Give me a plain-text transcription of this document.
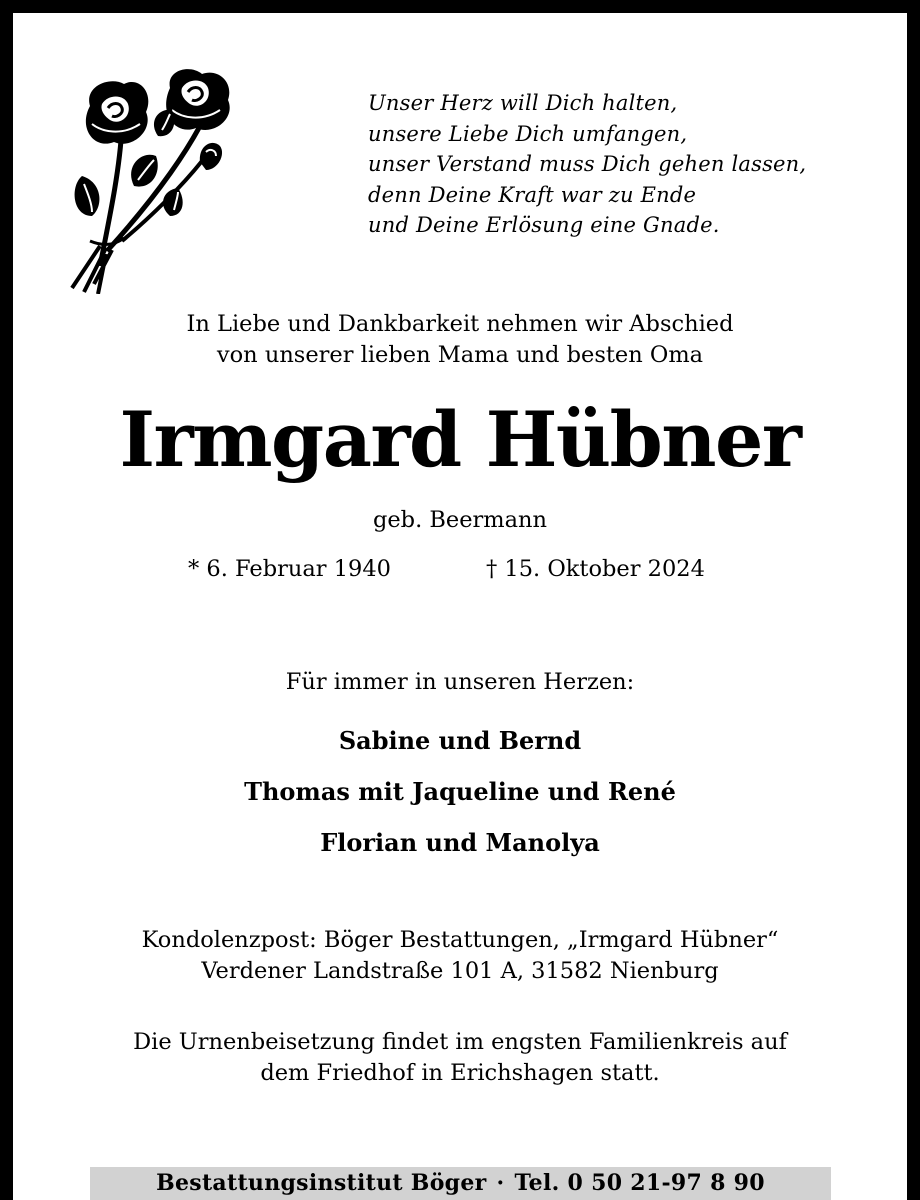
Unser Herz will Dich halten,
unsere Liebe Dich umfangen,
unser Verstand muss Dich gehen lassen,
denn Deine Kraft war zu Ende
und Deine Erlösung eine Gnade.
In Liebe und Dankbarkeit nehmen wir Abschied
von unserer lieben Mama und besten Oma
Irmgard Hübner
geb. Beermann
* 6. Februar 1940	† 15. Oktober 2024
Für immer in unseren Herzen:
Sabine und Bernd
Thomas mit Jaqueline und René
Florian und Manolya
Kondolenzpost: Böger Bestattungen, „Irmgard Hübner“
Verdener Landstraße 101 A, 31582 Nienburg
Die Urnenbeisetzung findet im engsten Familienkreis auf
dem Friedhof in Erichshagen statt.
Bestattungsinstitut Böger · Tel. 0 50 21-97 8 90
